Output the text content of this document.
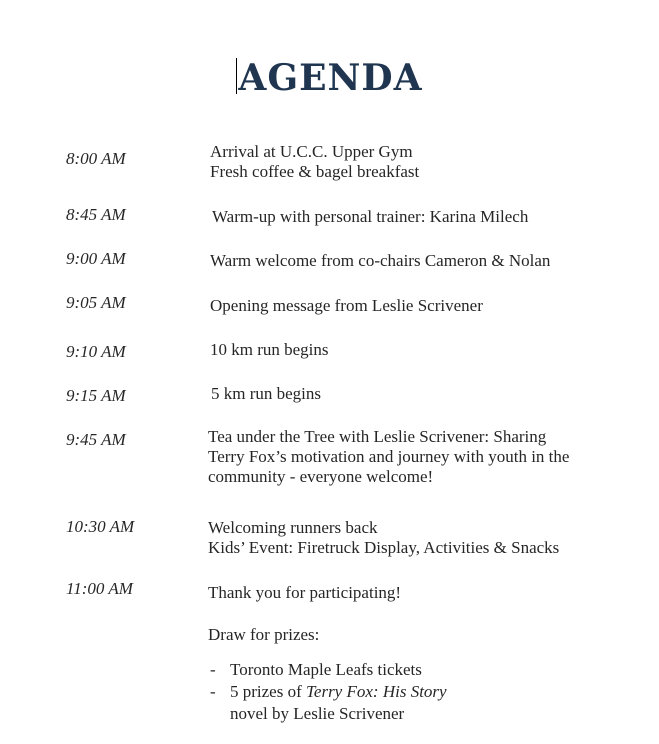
AGENDA
8:00 AM	Arrival at U.C.C. Upper Gym
Fresh coffee & bagel breakfast
8:45 AM	Warm-up with personal trainer: Karina Milech
9:00 AM	Warm welcome from co-chairs Cameron & Nolan
9:05 AM	Opening message from Leslie Scrivener
9:10 AM	10 km run begins
9:15 AM	5 km run begins
9:45 AM	Tea under the Tree with Leslie Scrivener: Sharing
Terry Fox’s motivation and journey with youth in the
community - everyone welcome!
10:30 AM	Welcoming runners back
Kids’ Event: Firetruck Display, Activities & Snacks
11:00 AM	Thank you for participating!
Draw for prizes:
- Toronto Maple Leafs tickets
- 5 prizes of Terry Fox: His Story
novel by Leslie Scrivener
